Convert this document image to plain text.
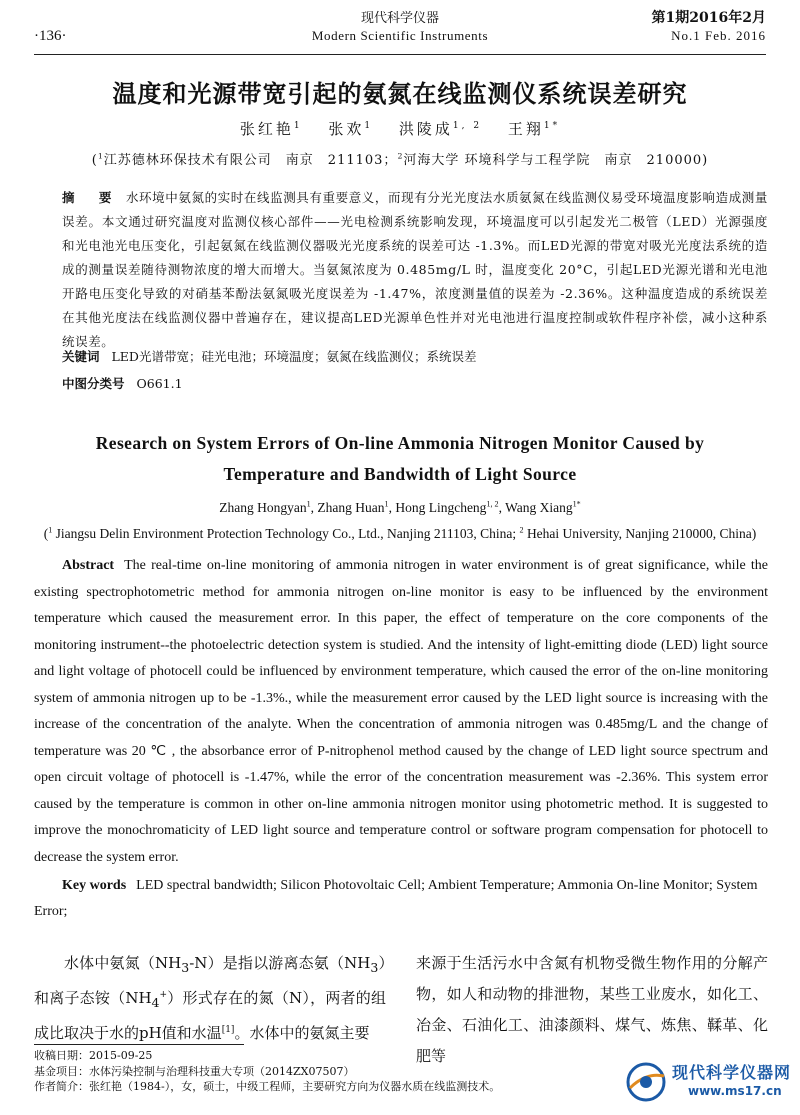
·136·
现代科学仪器
Modern Scientific Instruments
第1期2016年2月
No.1 Feb. 2016
温度和光源带宽引起的氨氮在线监测仪系统误差研究
张红艳$^1$　 张欢$^1$　 洪陵成$^{1, 2}$　 王翔$^{1*}$
($^1$江苏德林环保技术有限公司　南京　211103；$^2$河海大学 环境科学与工程学院　南京　210000)
摘 要 水环境中氨氮的实时在线监测具有重要意义，而现有分光光度法水质氨氮在线监测仪易受环境温度影响造成测量误差。本文通过研究温度对监测仪核心部件——光电检测系统影响发现，环境温度可以引起发光二极管（LED）光源强度和光电池光电压变化，引起氨氮在线监测仪器吸光光度系统的误差可达 -1.3%。而LED光源的带宽对吸光光度法系统的造成的测量误差随待测物浓度的增大而增大。当氨氮浓度为 0.485mg/L 时，温度变化 20°C，引起LED光源光谱和光电池开路电压变化导致的对硝基苯酚法氨氮吸光度误差为 -1.47%，浓度测量值的误差为 -2.36%。这种温度造成的系统误差在其他光度法在线监测仪器中普遍存在，建议提高LED光源单色性并对光电池进行温度控制或软件程序补偿，减小这种系统误差。
关键词 LED光谱带宽；硅光电池；环境温度；氨氮在线监测仪；系统误差
中图分类号 O661.1
Research on System Errors of On-line Ammonia Nitrogen Monitor Caused by
Temperature and Bandwidth of Light Source
Zhang Hongyan$^1$, Zhang Huan$^1$, Hong Lingcheng$^{1, 2}$, Wang Xiang$^{1*}$
($^1$ Jiangsu Delin Environment Protection Technology Co., Ltd., Nanjing 211103, China; $^2$ Hehai University, Nanjing 210000, China)

Abstract The real-time on-line monitoring of ammonia nitrogen in water environment is of great significance, while the existing spectrophotometric method for ammonia nitrogen on-line monitor is easy to be influenced by the environment temperature which caused the measurement error. In this paper, the effect of temperature on the core components of the monitoring instrument--the photoelectric detection system is studied. And the intensity of light-emitting diode (LED) light source and light voltage of photocell could be influenced by environment temperature, which caused the error of the on-line monitoring system of ammonia nitrogen up to be -1.3%., while the measurement error caused by the LED light source is increasing with the increase of the concentration of the analyte. When the concentration of ammonia nitrogen was 0.485mg/L and the change of temperature was 20 ℃ , the absorbance error of P-nitrophenol method caused by the change of LED light source spectrum and open circuit voltage of photocell is -1.47%, while the error of the concentration measurement was -2.36%. This system error caused by the temperature is common in other on-line ammonia nitrogen monitor using photometric method. It is suggested to improve the monochromaticity of LED light source and temperature control or software program compensation for photocell to decrease the system error.

Key words LED spectral bandwidth; Silicon Photovoltaic Cell; Ambient Temperature; Ammonia On-line Monitor; System Error;

水体中氨氮$(NH_3-N)$是指以游离态氨$(NH_3)$和离子态铵$(NH_4^+)$形式存在的氮（N），两者的组成比取决于水的pH值和水温[1]。水体中的氨氮主要

来源于生活污水中含氮有机物受微生物作用的分解产物，如人和动物的排泄物，某些工业废水，如化工、冶金、石油化工、油漆颜料、煤气、炼焦、鞣革、化肥等

收稿日期：2015-09-25
基金项目：水体污染控制与治理科技重大专项（2014ZX07507）
作者简介：张红艳（1984-），女，硕士，中级工程师，主要研究方向为仪器水质在线监测技术。
现代科学仪器网
www.ms17.cn
